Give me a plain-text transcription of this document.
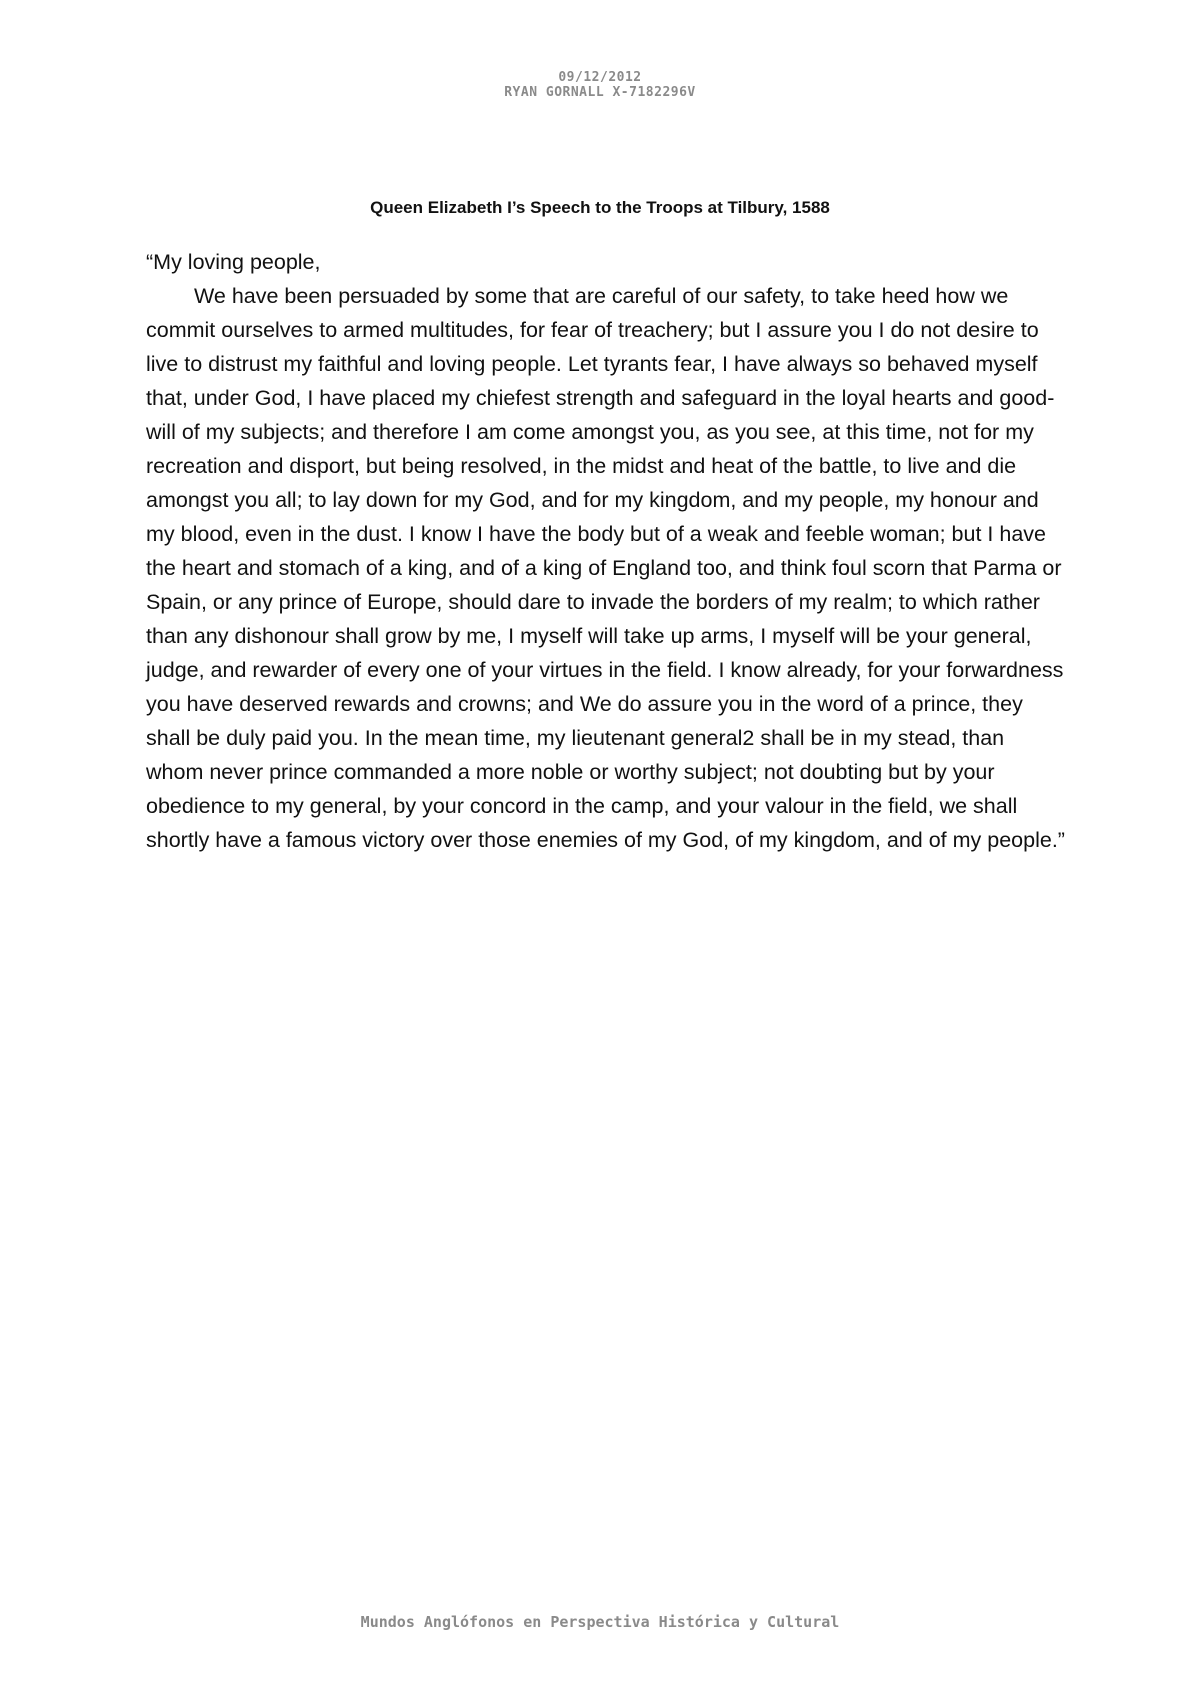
09/12/2012
RYAN GORNALL X-7182296V
Queen Elizabeth I’s Speech to the Troops at Tilbury, 1588

“My loving people,

We have been persuaded by some that are careful of our safety, to take heed how we commit ourselves to armed multitudes, for fear of treachery; but I assure you I do not desire to live to distrust my faithful and loving people. Let tyrants fear, I have always so behaved myself that, under God, I have placed my chiefest strength and safeguard in the loyal hearts and good-will of my subjects; and therefore I am come amongst you, as you see, at this time, not for my recreation and disport, but being resolved, in the midst and heat of the battle, to live and die amongst you all; to lay down for my God, and for my kingdom, and my people, my honour and my blood, even in the dust. I know I have the body but of a weak and feeble woman; but I have the heart and stomach of a king, and of a king of England too, and think foul scorn that Parma or Spain, or any prince of Europe, should dare to invade the borders of my realm; to which rather than any dishonour shall grow by me, I myself will take up arms, I myself will be your general, judge, and rewarder of every one of your virtues in the field. I know already, for your forwardness you have deserved rewards and crowns; and We do assure you in the word of a prince, they shall be duly paid you. In the mean time, my lieutenant general2 shall be in my stead, than whom never prince commanded a more noble or worthy subject; not doubting but by your obedience to my general, by your concord in the camp, and your valour in the field, we shall shortly have a famous victory over those enemies of my God, of my kingdom, and of my people.”

Mundos Anglófonos en Perspectiva Histórica y Cultural
